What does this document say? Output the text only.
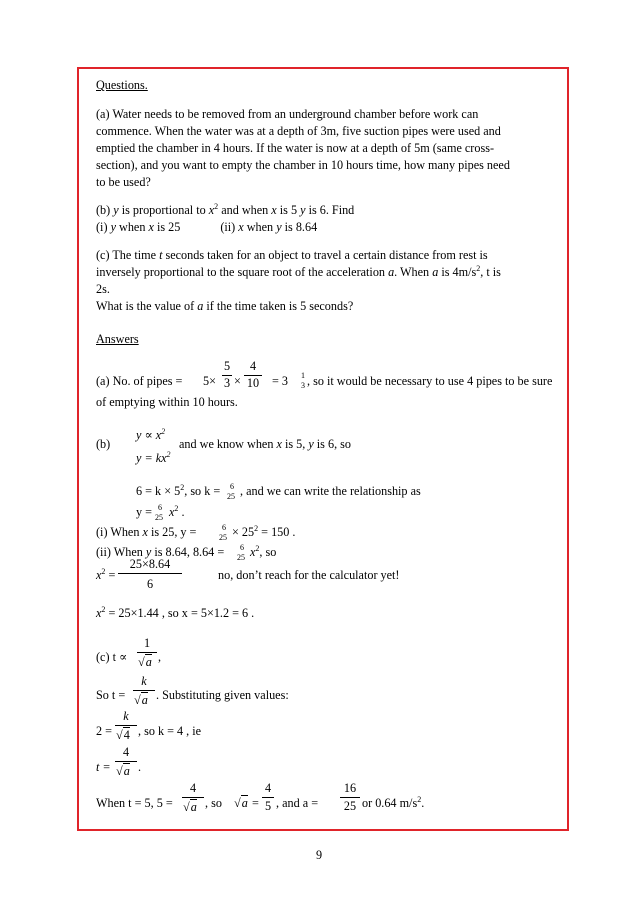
Questions.
(a) Water needs to be removed from an underground chamber before work can
commence. When the water was at a depth of 3m, five suction pipes were used and
emptied the chamber in 4 hours. If the water is now at a depth of 5m (same cross-
section), and you want to empty the chamber in 10 hours time, how many pipes need
to be used?
(b) y is proportional to $x^2$ and when x is 5 y is 6. Find
(i) y when x is 25	(ii) x when y is 8.64
(c) The time t seconds taken for an object to travel a certain distance from rest is
inversely proportional to the square root of the acceleration a. When a is $4m/s^2$, t is
2s.
What is the value of a if the time taken is 5 seconds?
Answers
(a) No. of pipes = 5×
5
3 ×
4
10 = 3 1
3 , so it would be necessary to use 4 pipes to be sure
of emptying within 10 hours.
(b)
$y \propto x^2$
$y = kx^2$
and we know when x is 5, y is 6, so
$6 = k \times 5^2$, so k = 6
25 , and we can write the relationship as
y = 6
25 $x^2$ .
(i) When x is 25, y =	6
$25 \times 25^2 = 150$ .
(ii) When y is 8.64, 8.64 = 6
25 $x^2$, so
$x^2$ =
25×8.64
6
no, don’t reach for the calculator yet!
$x^2 = 25\times 1.44$ , so x = 5×1.2 = 6 .
(c) t ∝
1
√a ,
So t =
k
√a . Substituting given values:
2 =
k
√4 , so k = 4 , ie
t =
4
√a .
When t = 5, 5 =
4
√a , so √a =
4
5 , and a =
16
25 or 0.64 $m/s^2$.
9
